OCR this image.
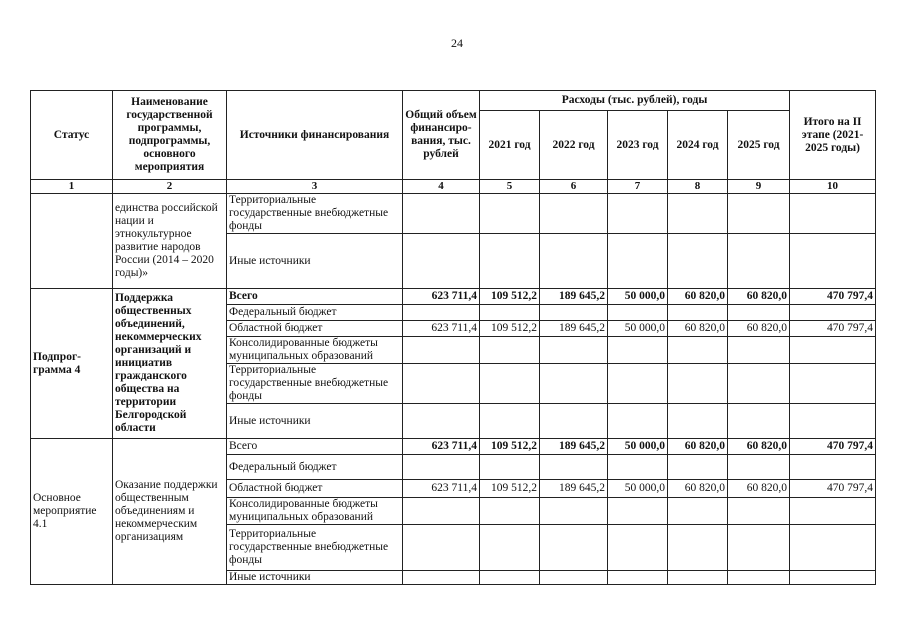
24
Статус	Наименование государственной программы, подпрограммы, основного мероприятия	Источники финансирования	Общий объем финансиро-вания, тыс. рублей	Расходы (тыс. рублей), годы					Итого на II этапе (2021-2025 годы)
				2021 год	2022 год	2023 год	2024 год	2025 год	
1	2	3	4	5	6	7	8	9	10
	единства российской нации и этнокультурное развитие народов России (2014 – 2020 годы)»	Территориальные государственные внебюджетные фонды							
		Иные источники							
Подпрог-грамма 4	Поддержка общественных объединений, некоммерческих организаций и инициатив гражданского общества на территории Белгородской области	Всего	623 711,4	109 512,2	189 645,2	50 000,0	60 820,0	60 820,0	470 797,4
		Федеральный бюджет							
		Областной бюджет	623 711,4	109 512,2	189 645,2	50 000,0	60 820,0	60 820,0	470 797,4
		Консолидированные бюджеты муниципальных образований							
		Территориальные государственные внебюджетные фонды							
		Иные источники							
Основное мероприятие 4.1	Оказание поддержки общественным объединениям и некоммерческим организациям	Всего	623 711,4	109 512,2	189 645,2	50 000,0	60 820,0	60 820,0	470 797,4
		Федеральный бюджет							
		Областной бюджет	623 711,4	109 512,2	189 645,2	50 000,0	60 820,0	60 820,0	470 797,4
		Консолидированные бюджеты муниципальных образований							
		Территориальные государственные внебюджетные фонды							
		Иные источники							
